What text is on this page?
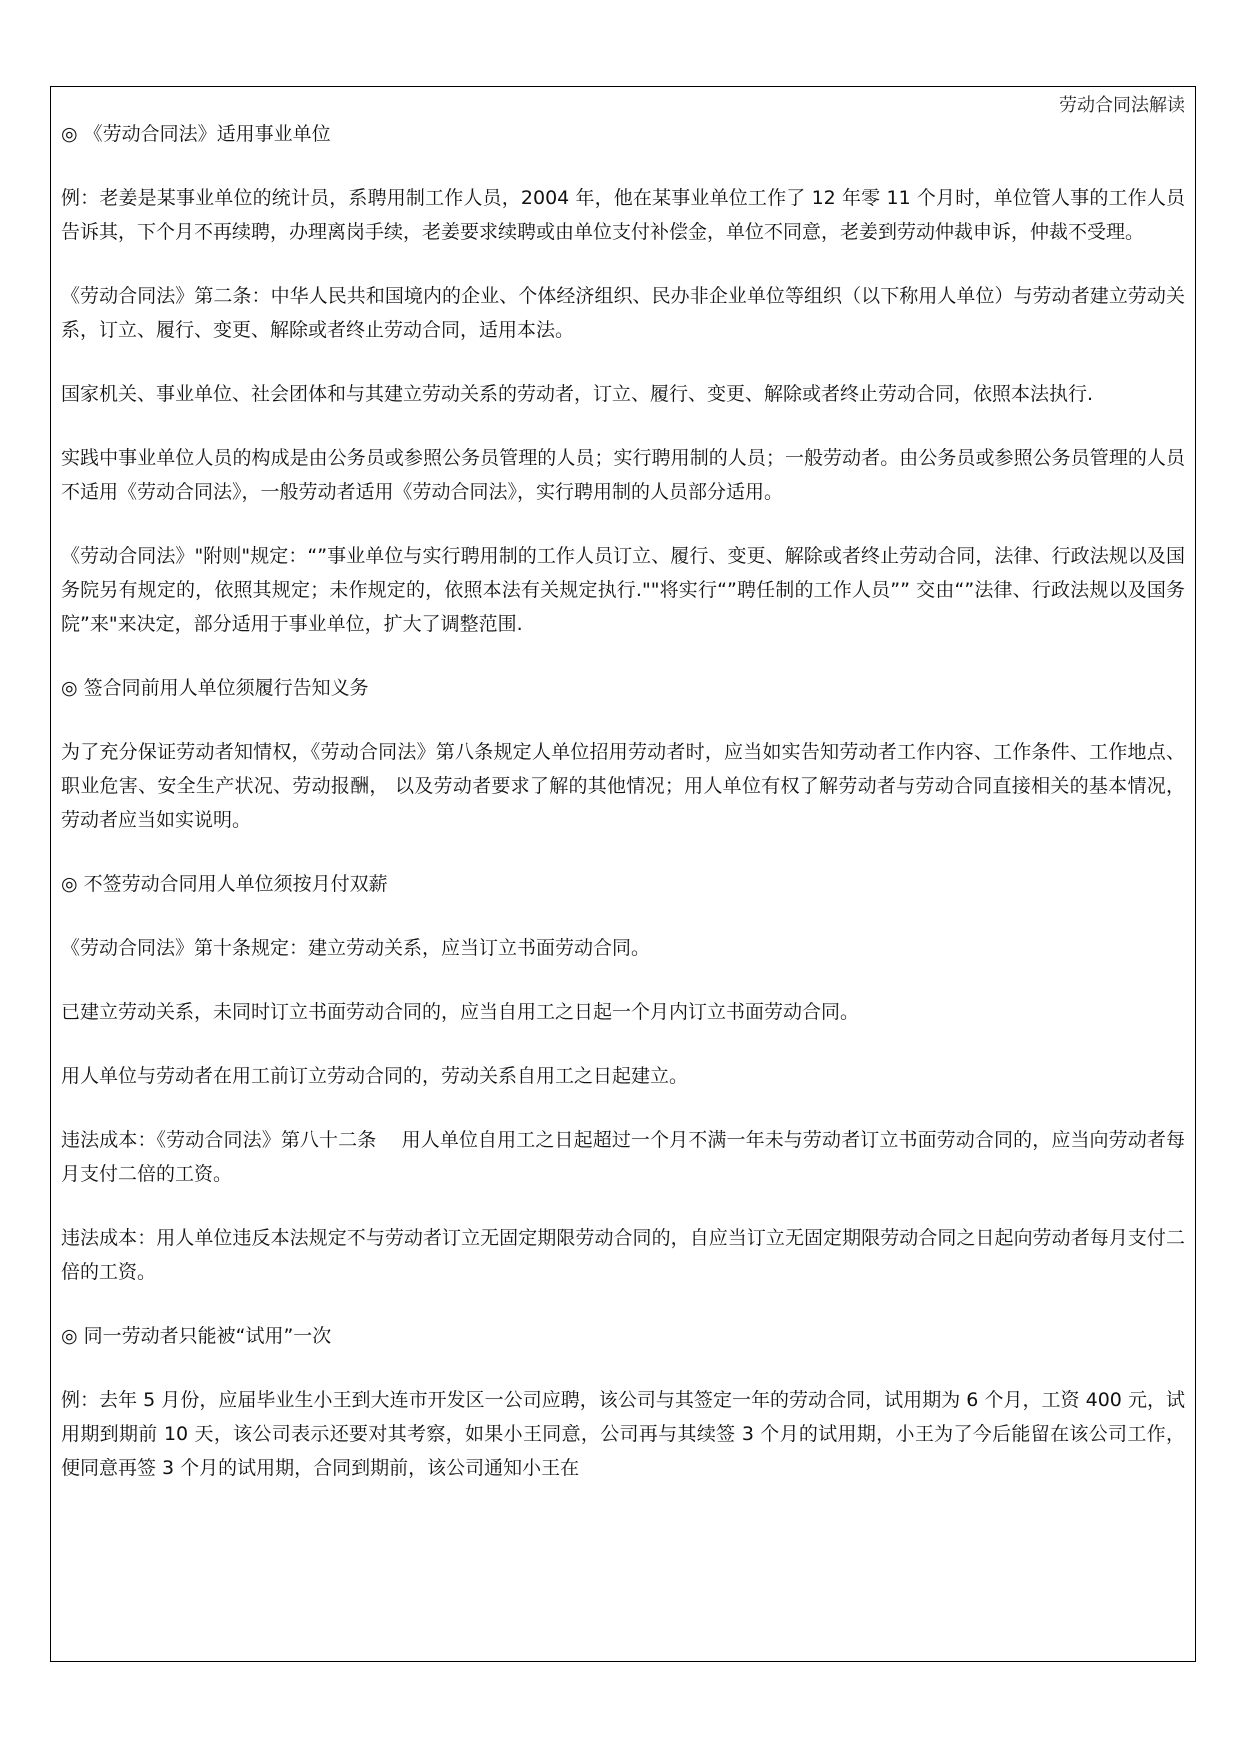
劳动合同法解读

◎ 《劳动合同法》适用事业单位

例：老姜是某事业单位的统计员，系聘用制工作人员，2004 年，他在某事业单位工作了 12 年零 11 个月时，单位管人事的工作人员告诉其，下个月不再续聘，办理离岗手续，老姜要求续聘或由单位支付补偿金，单位不同意，老姜到劳动仲裁申诉，仲裁不受理。

《劳动合同法》第二条：中华人民共和国境内的企业、个体经济组织、民办非企业单位等组织（以下称用人单位）与劳动者建立劳动关系，订立、履行、变更、解除或者终止劳动合同，适用本法。

国家机关、事业单位、社会团体和与其建立劳动关系的劳动者，订立、履行、变更、解除或者终止劳动合同，依照本法执行.

实践中事业单位人员的构成是由公务员或参照公务员管理的人员；实行聘用制的人员；一般劳动者。由公务员或参照公务员管理的人员不适用《劳动合同法》，一般劳动者适用《劳动合同法》，实行聘用制的人员部分适用。

《劳动合同法》"附则"规定：“”事业单位与实行聘用制的工作人员订立、履行、变更、解除或者终止劳动合同，法律、行政法规以及国务院另有规定的，依照其规定；未作规定的，依照本法有关规定执行.""将实行“”聘任制的工作人员”” 交由“”法律、行政法规以及国务院”来"来决定，部分适用于事业单位，扩大了调整范围.

◎ 签合同前用人单位须履行告知义务

为了充分保证劳动者知情权，《劳动合同法》第八条规定人单位招用劳动者时，应当如实告知劳动者工作内容、工作条件、工作地点、职业危害、安全生产状况、劳动报酬， 以及劳动者要求了解的其他情况；用人单位有权了解劳动者与劳动合同直接相关的基本情况，劳动者应当如实说明。

◎ 不签劳动合同用人单位须按月付双薪

《劳动合同法》第十条规定：建立劳动关系，应当订立书面劳动合同。

已建立劳动关系，未同时订立书面劳动合同的，应当自用工之日起一个月内订立书面劳动合同。

用人单位与劳动者在用工前订立劳动合同的，劳动关系自用工之日起建立。

违法成本：《劳动合同法》第八十二条　 用人单位自用工之日起超过一个月不满一年未与劳动者订立书面劳动合同的，应当向劳动者每月支付二倍的工资。

违法成本：用人单位违反本法规定不与劳动者订立无固定期限劳动合同的，自应当订立无固定期限劳动合同之日起向劳动者每月支付二倍的工资。

◎ 同一劳动者只能被“试用”一次

例：去年 5 月份，应届毕业生小王到大连市开发区一公司应聘，该公司与其签定一年的劳动合同，试用期为 6 个月，工资 400 元，试用期到期前 10 天，该公司表示还要对其考察，如果小王同意，公司再与其续签 3 个月的试用期，小王为了今后能留在该公司工作，便同意再签 3 个月的试用期，合同到期前，该公司通知小王在
